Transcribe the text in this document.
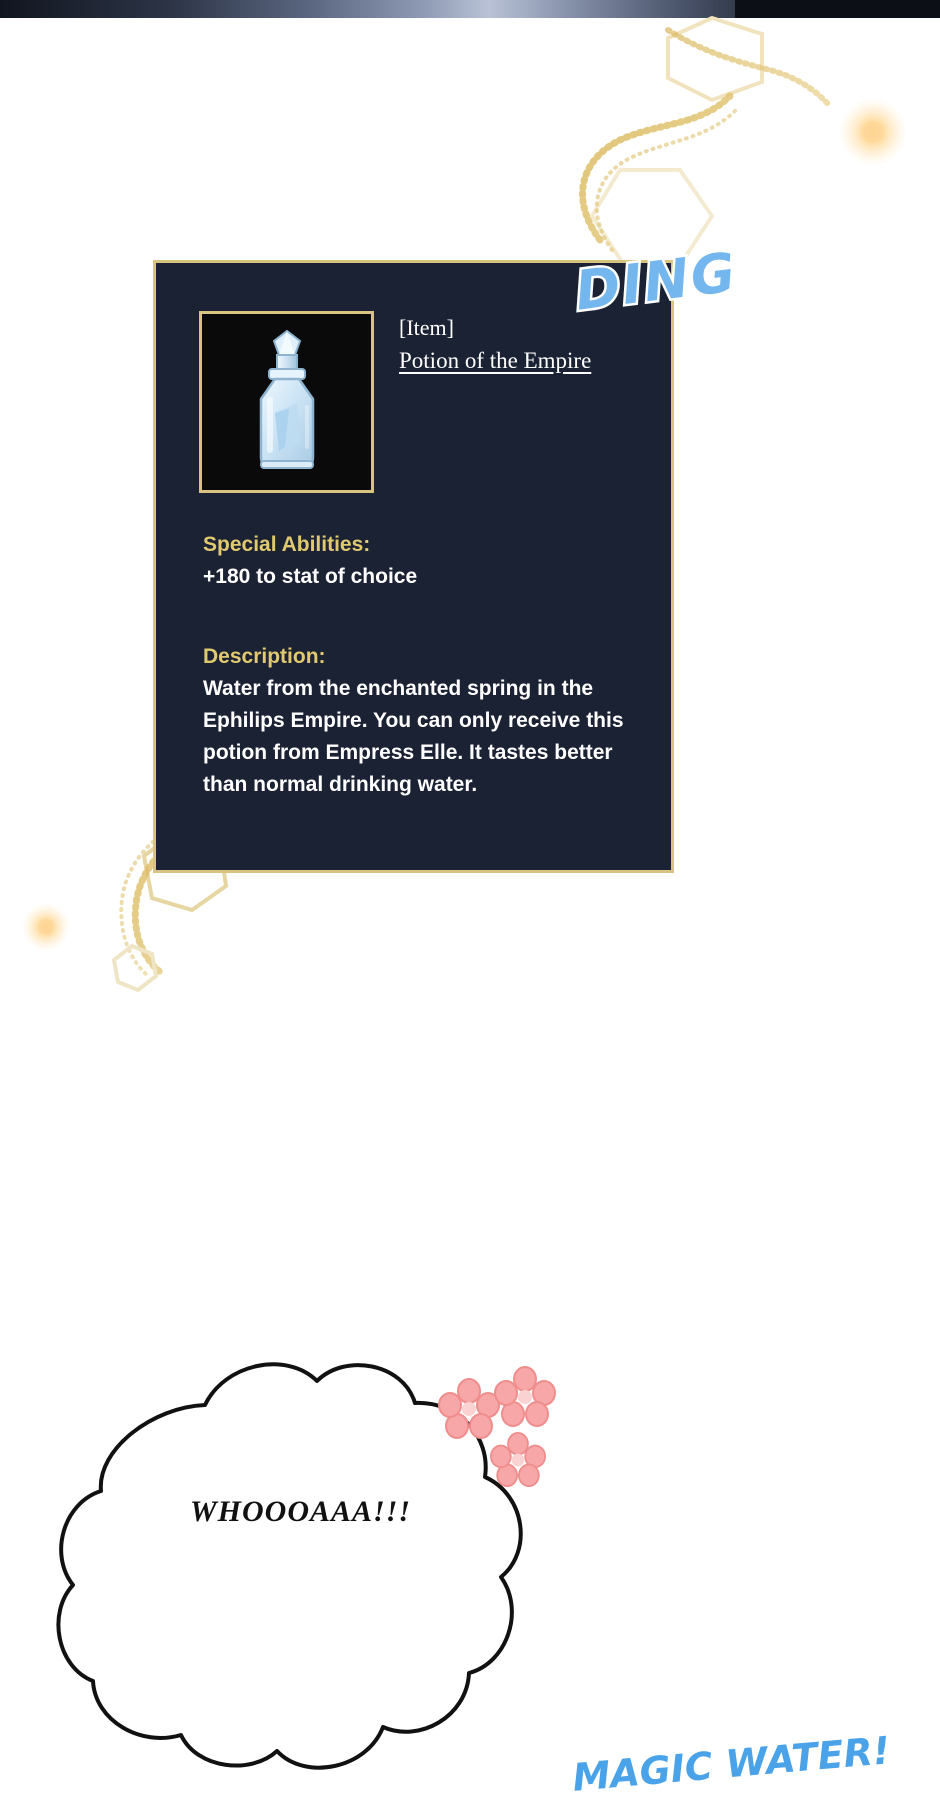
[Item]
Potion of the Empire
Special Abilities:
+180 to stat of choice
Description:
Water from the enchanted spring in the Ephilips Empire. You can only receive this potion from Empress Elle. It tastes better than normal drinking water.
DING
WHOOOAAA!!!
MAGIC WATER!
